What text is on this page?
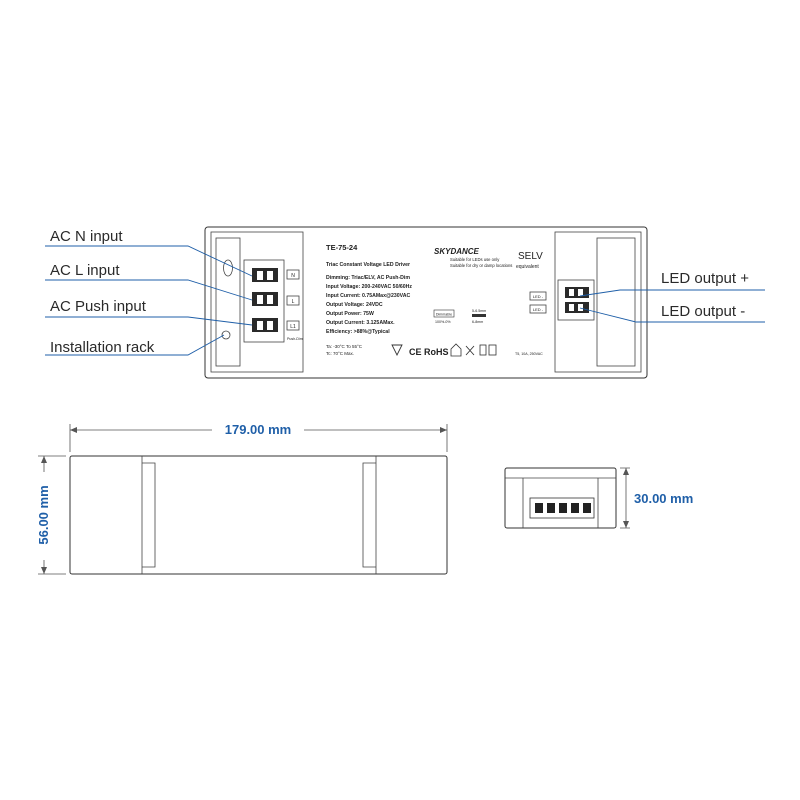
N
L
L1
Push-Dim
LED -
LED -
TE-75-24
Triac Constant Voltage LED Driver
Dimming: Triac/ELV, AC Push-Dim
Input Voltage: 200-240VAC 50/60Hz
Input Current: 0.75AMax@230VAC
Output Voltage: 24VDC
Output Power: 75W
Output Current: 3.125AMax.
Efficiency: >88%@Typical
Ta: -30°C To 55°C
Tc: 70°C Max.
SKYDANCE
Suitable for LEDs use only
Suitable for dry or damp locations
SELV
equivalent
Dimmable
100%-0%
5-6.5mm
6-8mm
CE RoHS	T5, 10A, 250VAC
AC N input
AC L input
AC Push input
Installation rack
LED output +
LED output -
179.00 mm
56.00 mm	30.00 mm
